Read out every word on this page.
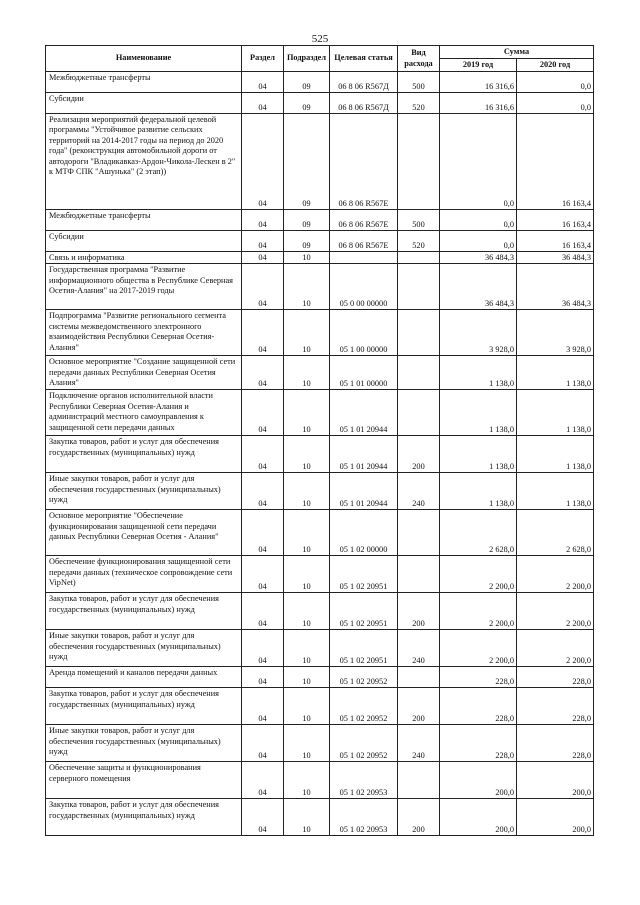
525
Наименование	Раздел	Подраздел	Целевая статья	Вид расхода	Сумма	
					2019 год	2020 год
Межбюджетные трансферты	04	09	06 8 06 R567Д	500	16 316,6	0,0
Субсидии	04	09	06 8 06 R567Д	520	16 316,6	0,0
Реализация мероприятий федеральной целевой программы "Устойчивое развитие сельских территорий на 2014-2017 годы на период до 2020 года" (реконструкция автомобильной дороги от автодороги "Владикавказ-Ардон-Чикола-Лескен в 2" к МТФ СПК "Ашунька" (2 этап))	04	09	06 8 06 R567Е		0,0	16 163,4
Межбюджетные трансферты	04	09	06 8 06 R567Е	500	0,0	16 163,4
Субсидии	04	09	06 8 06 R567Е	520	0,0	16 163,4
Связь и информатика	04	10			36 484,3	36 484,3
Государственная программа "Развитие информационного общества в Республике Северная Осетия-Алания" на 2017-2019 годы	04	10	05 0 00 00000		36 484,3	36 484,3
Подпрограмма "Развитие регионального сегмента системы межведомственного электронного взаимодействия Республики Северная Осетия-Алания"	04	10	05 1 00 00000		3 928,0	3 928,0
Основное мероприятие "Создание защищенной сети передачи данных Республики Северная Осетия Алания"	04	10	05 1 01 00000		1 138,0	1 138,0
Подключение органов исполнительной власти Республики Северная Осетия-Алания и администраций местного самоуправления к защищенной сети передачи данных	04	10	05 1 01 20944		1 138,0	1 138,0
Закупка товаров, работ и услуг для обеспечения государственных (муниципальных) нужд	04	10	05 1 01 20944	200	1 138,0	1 138,0
Иные закупки товаров, работ и услуг для обеспечения государственных (муниципальных) нужд	04	10	05 1 01 20944	240	1 138,0	1 138,0
Основное мероприятие "Обеспечение функционирования защищенной сети передачи данных Республики Северная Осетия - Алания"	04	10	05 1 02 00000		2 628,0	2 628,0
Обеспечение функционирования защищенной сети передачи данных (техническое сопровождение сети VipNet)	04	10	05 1 02 20951		2 200,0	2 200,0
Закупка товаров, работ и услуг для обеспечения государственных (муниципальных) нужд	04	10	05 1 02 20951	200	2 200,0	2 200,0
Иные закупки товаров, работ и услуг для обеспечения государственных (муниципальных) нужд	04	10	05 1 02 20951	240	2 200,0	2 200,0
Аренда помещений и каналов передачи данных	04	10	05 1 02 20952		228,0	228,0
Закупка товаров, работ и услуг для обеспечения государственных (муниципальных) нужд	04	10	05 1 02 20952	200	228,0	228,0
Иные закупки товаров, работ и услуг для обеспечения государственных (муниципальных) нужд	04	10	05 1 02 20952	240	228,0	228,0
Обеспечение защиты и функционирования серверного помещения	04	10	05 1 02 20953		200,0	200,0
Закупка товаров, работ и услуг для обеспечения государственных (муниципальных) нужд	04	10	05 1 02 20953	200	200,0	200,0
